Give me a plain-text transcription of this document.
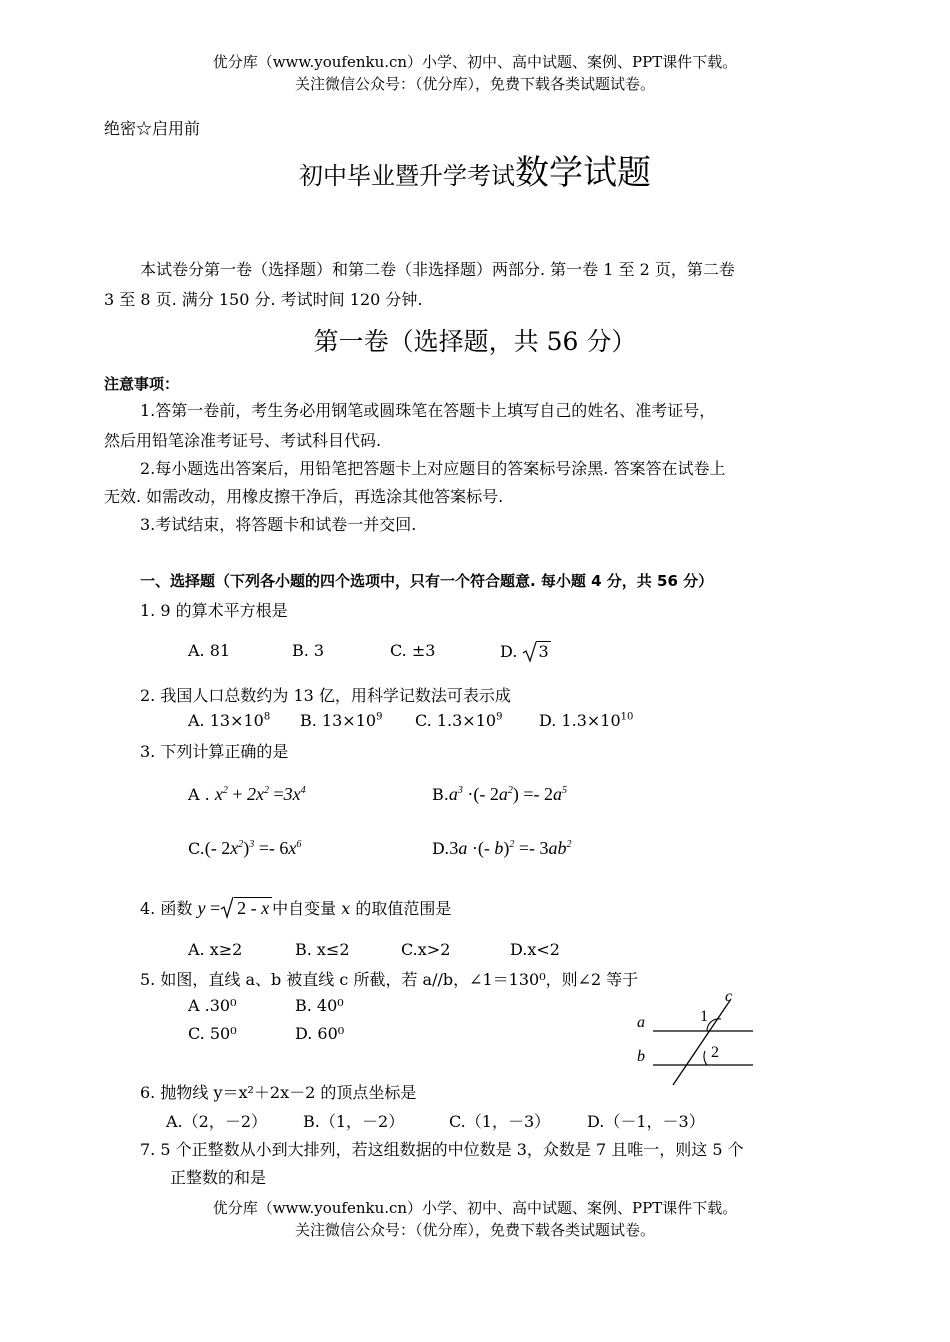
优分库（www.youfenku.cn）小学、初中、高中试题、案例、PPT课件下载。
关注微信公众号：（优分库），免费下载各类试题试卷。
绝密☆启用前
初中毕业暨升学考试数学试题
本试卷分第一卷（选择题）和第二卷（非选择题）两部分. 第一卷 1 至 2 页，第二卷
3 至 8 页. 满分 150 分. 考试时间 120 分钟.
第一卷（选择题，共 56 分）
注意事项：
1.答第一卷前，考生务必用钢笔或圆珠笔在答题卡上填写自己的姓名、准考证号，
然后用铅笔涂准考证号、考试科目代码.
2.每小题选出答案后，用铅笔把答题卡上对应题目的答案标号涂黑. 答案答在试卷上
无效. 如需改动，用橡皮擦干净后，再选涂其他答案标号.
3.考试结束，将答题卡和试卷一并交回.
一、选择题（下列各小题的四个选项中，只有一个符合题意. 每小题 4 分，共 56 分）
1. 9 的算术平方根是
A. 81	B. 3	C. ±3	D. 3
2. 我国人口总数约为 13 亿，用科学记数法可表示成
A. $13\times 10^8$ B. $13\times 10^9$ C. $1.3\times 10^9$ D. $1.3\times 10^{10}$
3. 下列计算正确的是
A . $x^2 + 2x^2 =3x^4$	$B.a^3$ ·(- $2a^2) =- 2a^5$
C.(- $2x^2)^3 =- 6x^6$	D.3a ·(- $b)^2 =- 3ab^2$
4. 函数 y = 2 - x 中自变量 x 的取值范围是
A. x≥2	B. x≤2	C.x>2	D.x<2
5. 如图，直线 a、b 被直线 c 所截，若 a//b，∠1＝130⁰，则∠2 等于
A .30⁰	B. 40⁰
C. 50⁰	D. 60⁰
a
b
c
1
2
6. 抛物线 y＝x²＋2x－2 的顶点坐标是
A.（2，－2） B.（1，－2）	C.（1，－3） D.（－1，－3）
7. 5 个正整数从小到大排列，若这组数据的中位数是 3，众数是 7 且唯一，则这 5 个
正整数的和是
优分库（www.youfenku.cn）小学、初中、高中试题、案例、PPT课件下载。
关注微信公众号：（优分库），免费下载各类试题试卷。
